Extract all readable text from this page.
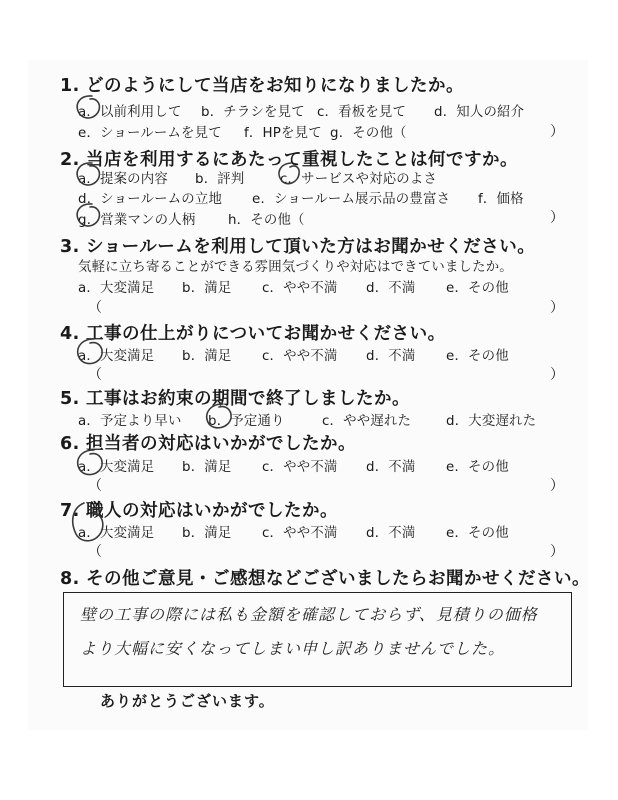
1. どのようにして当店をお知りになりましたか。
a．以前利用して b．チラシを見て c．看板を見て d．知人の紹介
e．ショールームを見て f．HPを見て g．その他（	）
2. 当店を利用するにあたって重視したことは何ですか。
a．提案の内容 b．評判	c．サービスや対応のよさ
d．ショールームの立地 e．ショールーム展示品の豊富さ f．価格
g．営業マンの人柄 h．その他（	）
3. ショールームを利用して頂いた方はお聞かせください。
気軽に立ち寄ることができる雰囲気づくりや対応はできていましたか。
a．大変満足 b．満足 c．やや不満 d．不満 e．その他
（	）
4. 工事の仕上がりについてお聞かせください。
a．大変満足 b．満足 c．やや不満 d．不満 e．その他
（	）
5. 工事はお約束の期間で終了しましたか。
a．予定より早い b．予定通り	c．やや遅れた	d．大変遅れた
6. 担当者の対応はいかがでしたか。
a．大変満足 b．満足 c．やや不満 d．不満 e．その他
（	）
7. 職人の対応はいかがでしたか。
a．大変満足 b．満足 c．やや不満 d．不満 e．その他
（	）
8. その他ご意見・ご感想などございましたらお聞かせください。
壁の工事の際には私も金額を確認しておらず、見積りの価格
より大幅に安くなってしまい申し訳ありませんでした。
ありがとうございます。
